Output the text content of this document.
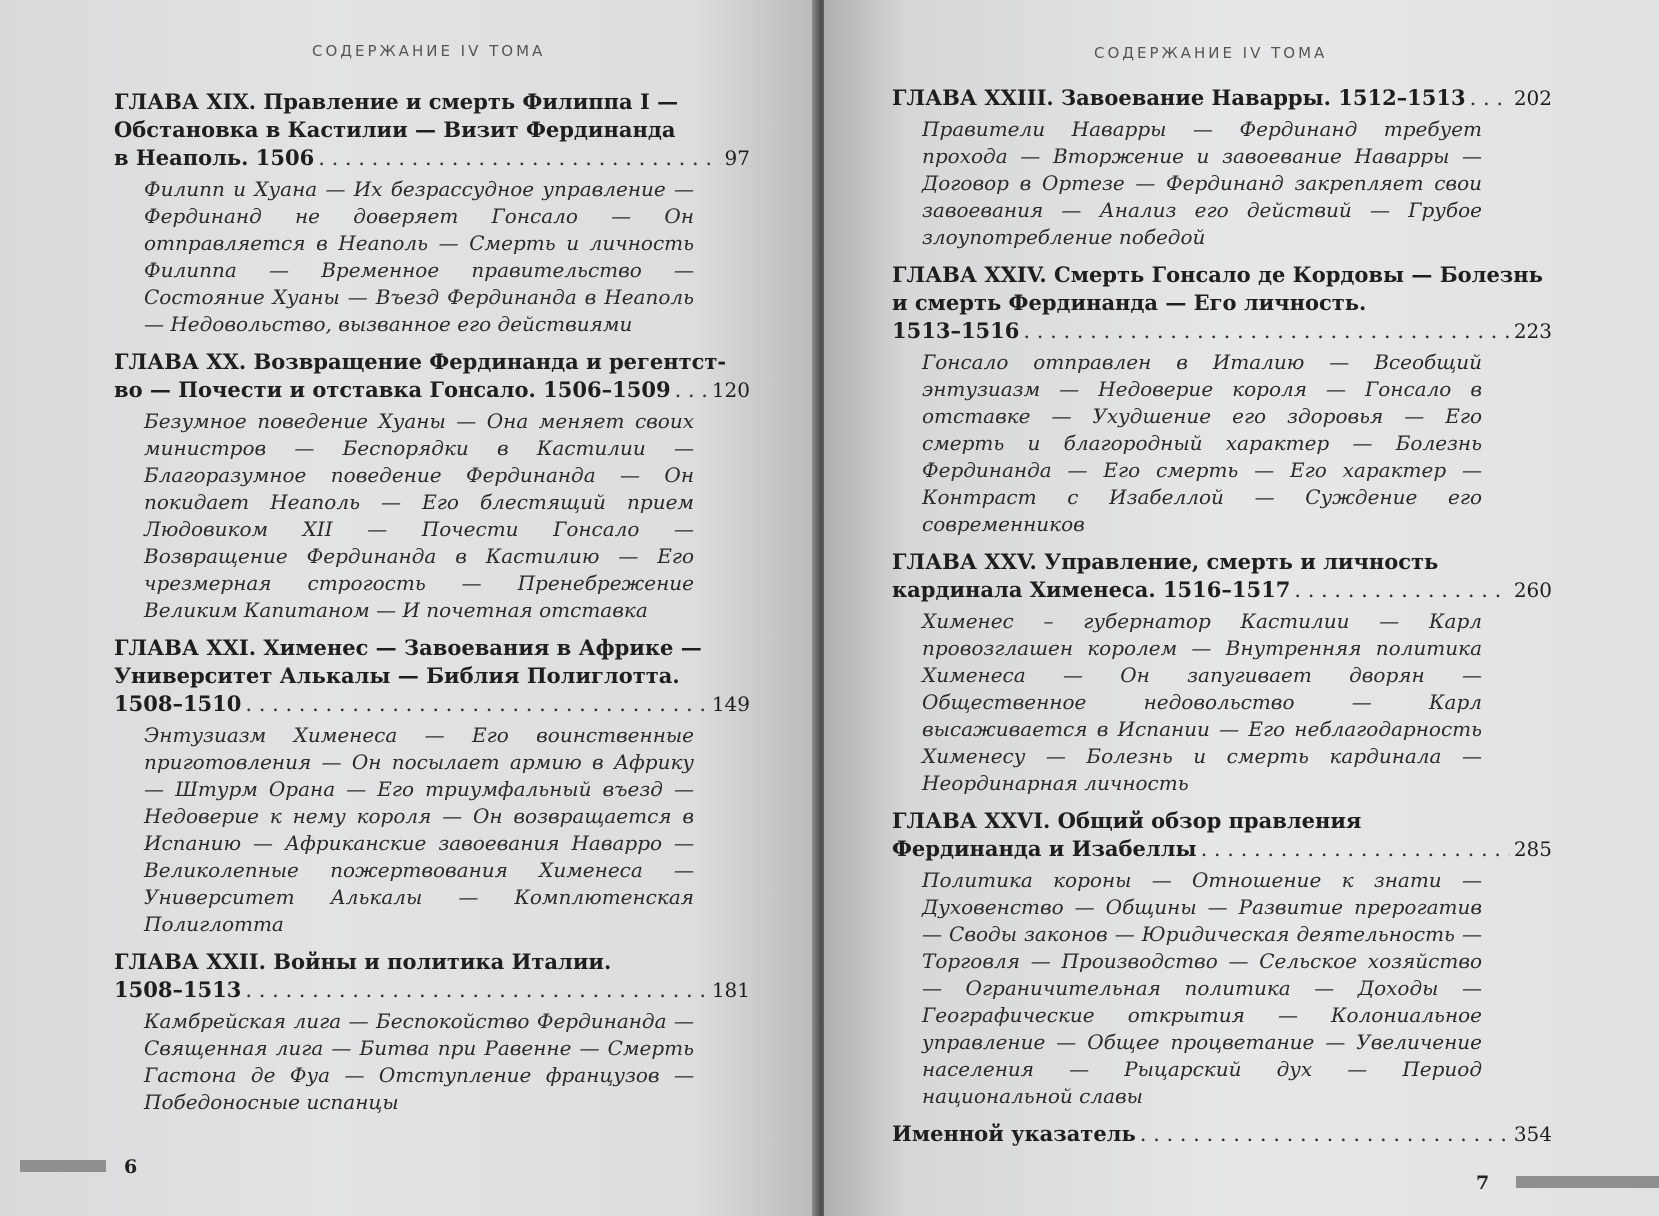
СОДЕРЖАНИЕ IV ТОМА
ГЛАВА XIX. Правление и смерть Филиппа I — Обстановка в Кастилии — Визит Фердинанда
в Неаполь. 1506 . . .	97
Филипп и Хуана — Их безрассудное управление — Фердинанд не доверяет Гонсало — Он отправляется в Неаполь — Смерть и личность Филиппа — Временное правительство — Состояние Хуаны — Въезд Фердинанда в Неаполь — Недовольство, вызванное его действиями
ГЛАВА XX. Возвращение Фердинанда и регентст-
во — Почести и отставка Гонсало. 1506–1509 . . . 120
Безумное поведение Хуаны — Она меняет своих министров — Беспорядки в Кастилии — Благоразумное поведение Фердинанда — Он покидает Неаполь — Его блестящий прием Людовиком XII — Почести Гонсало — Возвращение Фердинанда в Кастилию — Его чрезмерная строгость — Пренебрежение Великим Капитаном — И почетная отставка
ГЛАВА XXI. Хименес — Завоевания в Африке — Университет Алькалы — Библия Полиглотта.
1508–1510 . . .	149
Энтузиазм Хименеса — Его воинственные приготовления — Он посылает армию в Африку — Штурм Орана — Его триумфальный въезд — Недоверие к нему короля — Он возвращается в Испанию — Африканские завоевания Наварро — Великолепные пожертвования Хименеса — Университет Алькалы — Комплютенская Полиглотта
ГЛАВА XXII. Войны и политика Италии.
1508–1513 . . .	181
Камбрейская лига — Беспокойство Фердинанда — Священная лига — Битва при Равенне — Смерть Гастона де Фуа — Отступление французов — Победоносные испанцы
6
СОДЕРЖАНИЕ IV ТОМА
ГЛАВА XXIII. Завоевание Наварры. 1512–1513 . . . 202
Правители Наварры — Фердинанд требует прохода — Вторжение и завоевание Наварры — Договор в Ортезе — Фердинанд закрепляет свои завоевания — Анализ его действий — Грубое злоупотребление победой
ГЛАВА XXIV. Смерть Гонсало де Кордовы — Болезнь и смерть Фердинанда — Его личность.
1513–1516 . . .	223
Гонсало отправлен в Италию — Всеобщий энтузиазм — Недоверие короля — Гонсало в отставке — Ухудшение его здоровья — Его смерть и благородный характер — Болезнь Фердинанда — Его смерть — Его характер — Контраст с Изабеллой — Суждение его современников
ГЛАВА XXV. Управление, смерть и личность
кардинала Хименеса. 1516–1517 . . .	260
Хименес – губернатор Кастилии — Карл провозглашен королем — Внутренняя политика Хименеса — Он запугивает дворян — Общественное недовольство — Карл высаживается в Испании — Его неблагодарность Хименесу — Болезнь и смерть кардинала — Неординарная личность
ГЛАВА XXVI. Общий обзор правления
Фердинанда и Изабеллы . . .	285
Политика короны — Отношение к знати — Духовенство — Общины — Развитие прерогатив — Своды законов — Юридическая деятельность — Торговля — Производство — Сельское хозяйство — Ограничительная политика — Доходы — Географические открытия — Колониальное управление — Общее процветание — Увеличение населения — Рыцарский дух — Период национальной славы
Именной указатель . . .	354
7
